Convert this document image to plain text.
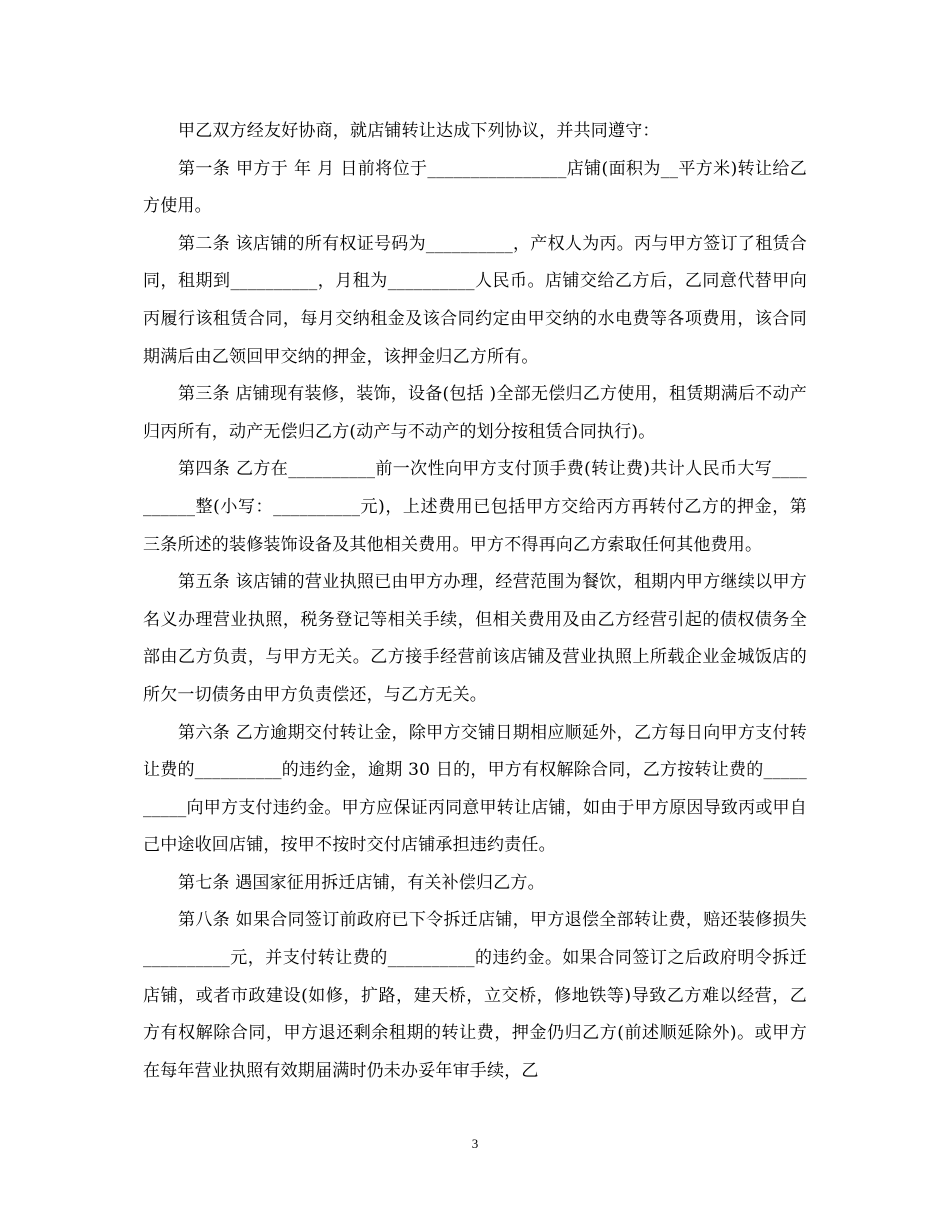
甲乙双方经友好协商，就店铺转让达成下列协议，并共同遵守：

第一条 甲方于 年 月 日前将位于________________店铺(面积为__平方米)转让给乙方使用。

第二条 该店铺的所有权证号码为__________，产权人为丙。丙与甲方签订了租赁合同，租期到__________，月租为__________人民币。店铺交给乙方后，乙同意代替甲向丙履行该租赁合同，每月交纳租金及该合同约定由甲交纳的水电费等各项费用，该合同期满后由乙领回甲交纳的押金，该押金归乙方所有。

第三条 店铺现有装修，装饰，设备(包括 )全部无偿归乙方使用，租赁期满后不动产归丙所有，动产无偿归乙方(动产与不动产的划分按租赁合同执行)。

第四条 乙方在__________前一次性向甲方支付顶手费(转让费)共计人民币大写__________整(小写：__________元)，上述费用已包括甲方交给丙方再转付乙方的押金，第三条所述的装修装饰设备及其他相关费用。甲方不得再向乙方索取任何其他费用。

第五条 该店铺的营业执照已由甲方办理，经营范围为餐饮，租期内甲方继续以甲方名义办理营业执照，税务登记等相关手续，但相关费用及由乙方经营引起的债权债务全部由乙方负责，与甲方无关。乙方接手经营前该店铺及营业执照上所载企业金城饭店的所欠一切债务由甲方负责偿还，与乙方无关。

第六条 乙方逾期交付转让金，除甲方交铺日期相应顺延外，乙方每日向甲方支付转让费的__________的违约金，逾期 30 日的，甲方有权解除合同，乙方按转让费的__________向甲方支付违约金。甲方应保证丙同意甲转让店铺，如由于甲方原因导致丙或甲自己中途收回店铺，按甲不按时交付店铺承担违约责任。

第七条 遇国家征用拆迁店铺，有关补偿归乙方。

第八条 如果合同签订前政府已下令拆迁店铺，甲方退偿全部转让费，赔还装修损失__________元，并支付转让费的__________的违约金。如果合同签订之后政府明令拆迁店铺，或者市政建设(如修，扩路，建天桥，立交桥，修地铁等)导致乙方难以经营，乙方有权解除合同，甲方退还剩余租期的转让费，押金仍归乙方(前述顺延除外)。或甲方在每年营业执照有效期届满时仍未办妥年审手续，乙

3
